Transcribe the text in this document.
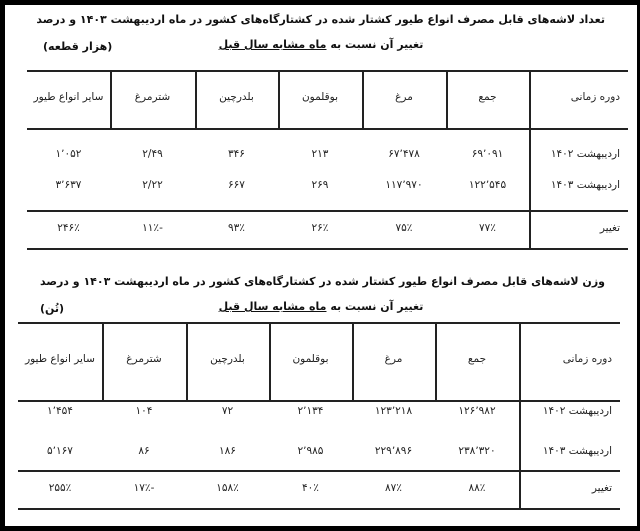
تعداد لاشه‌های قابل مصرف انواع طیور کشتار شده در کشتارگاه‌های کشور در ماه اردیبهشت ۱۴۰۳ و درصد
تغییر آن نسبت به ماه مشابه سال قبل
(هزار قطعه)
دوره زمانی
جمع
مرغ
بوقلمون
بلدرچین
شترمرغ
سایر انواع طیور
اردیبهشت ۱۴۰۲
۶۹٬۰۹۱
۶۷٬۴۷۸
۲۱۳
۳۴۶
۲/۴۹
۱٬۰۵۲
اردیبهشت ۱۴۰۳
۱۲۲٬۵۴۵
۱۱۷٬۹۷۰
۲۶۹
۶۶۷
۲/۲۲
۳٬۶۳۷
تغییر
۷۷٪
۷۵٪
۲۶٪
۹۳٪
-۱۱٪
۲۴۶٪
وزن لاشه‌های قابل مصرف انواع طیور کشتار شده در کشتارگاه‌های کشور در ماه اردیبهشت ۱۴۰۳ و درصد
تغییر آن نسبت به ماه مشابه سال قبل
(تُن)
دوره زمانی
جمع
مرغ
بوقلمون
بلدرچین
شترمرغ
سایر انواع طیور
اردیبهشت ۱۴۰۲
۱۲۶٬۹۸۲
۱۲۳٬۲۱۸
۲٬۱۳۴
۷۲
۱۰۴
۱٬۴۵۴
اردیبهشت ۱۴۰۳
۲۳۸٬۳۲۰
۲۲۹٬۸۹۶
۲٬۹۸۵
۱۸۶
۸۶
۵٬۱۶۷
تغییر
۸۸٪
۸۷٪
۴۰٪
۱۵۸٪
-۱۷٪
۲۵۵٪
